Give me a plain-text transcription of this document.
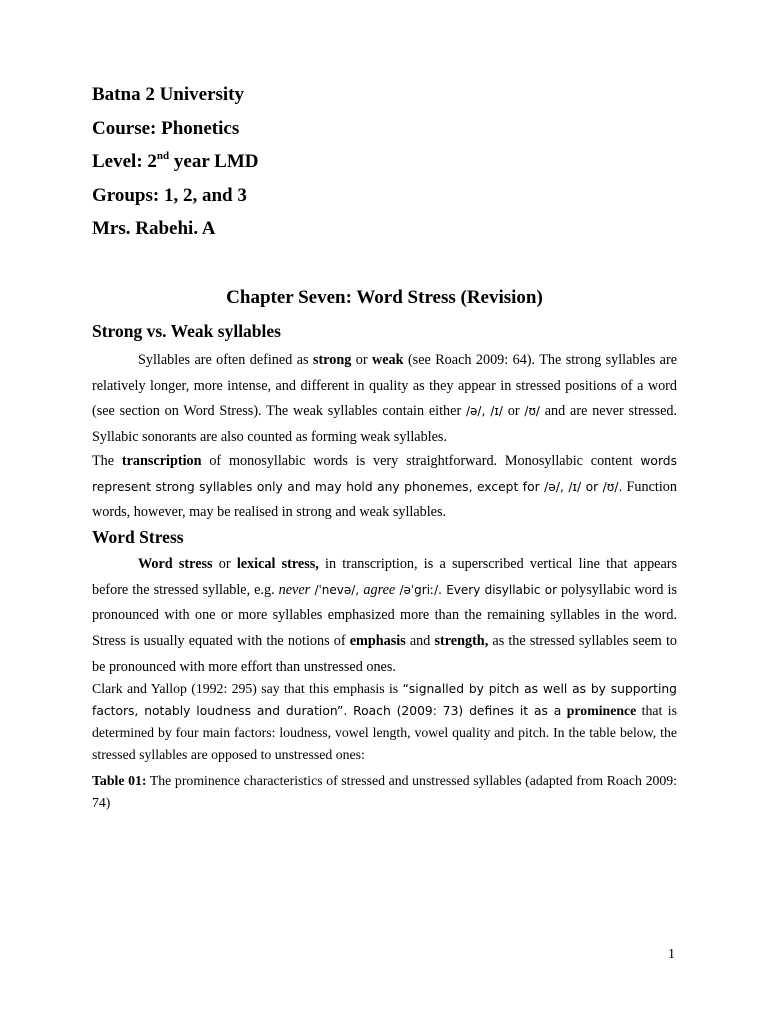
Batna 2 University
Course: Phonetics
Level: 2nd year LMD
Groups: 1, 2, and 3
Mrs. Rabehi. A
Chapter Seven: Word Stress (Revision)
Strong vs. Weak syllables

Syllables are often defined as strong or weak (see Roach 2009: 64). The strong syllables are relatively longer, more intense, and different in quality as they appear in stressed positions of a word (see section on Word Stress). The weak syllables contain either /ə/, /ɪ/ or /ʊ/ and are never stressed. Syllabic sonorants are also counted as forming weak syllables.

The transcription of monosyllabic words is very straightforward. Monosyllabic content words represent strong syllables only and may hold any phonemes, except for /ə/, /ɪ/ or /ʊ/. Function words, however, may be realised in strong and weak syllables.

Word Stress

Word stress or lexical stress, in transcription, is a superscribed vertical line that appears before the stressed syllable, e.g. never /ˈnevə/, agree /əˈgriː/. Every disyllabic or polysyllabic word is pronounced with one or more syllables emphasized more than the remaining syllables in the word. Stress is usually equated with the notions of emphasis and strength, as the stressed syllables seem to be pronounced with more effort than unstressed ones.

Clark and Yallop (1992: 295) say that this emphasis is “signalled by pitch as well as by supporting factors, notably loudness and duration”. Roach (2009: 73) defines it as a prominence that is determined by four main factors: loudness, vowel length, vowel quality and pitch. In the table below, the stressed syllables are opposed to unstressed ones:

Table 01: The prominence characteristics of stressed and unstressed syllables (adapted from Roach 2009: 74)

1
